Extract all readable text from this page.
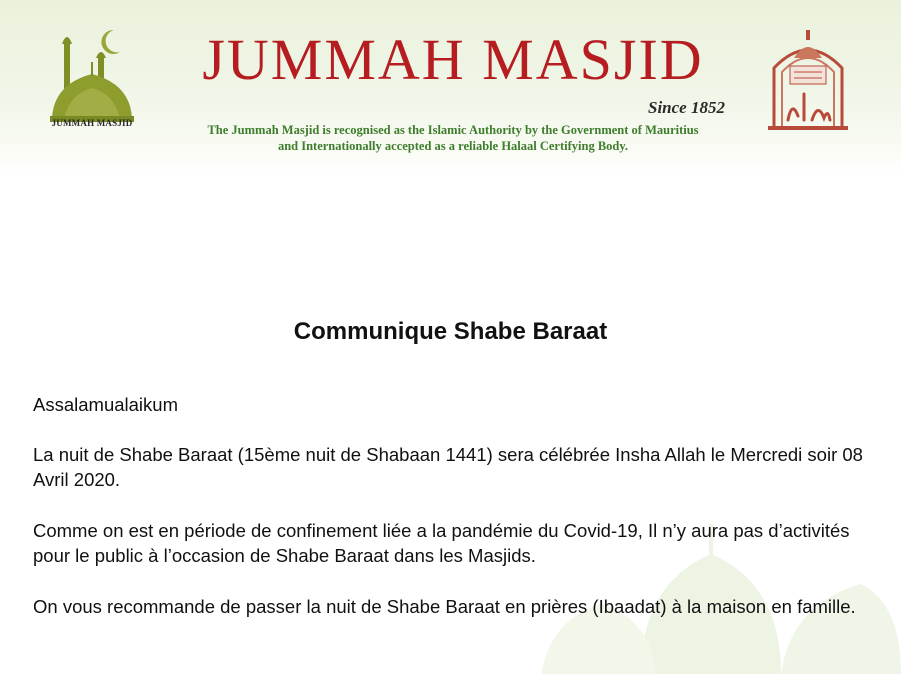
JUMMAH MASJID
JUMMAH MASJID
Since 1852
The Jummah Masjid is recognised as the Islamic Authority by the Government of Mauritius
and Internationally accepted as a reliable Halaal Certifying Body.
Communique Shabe Baraat

Assalamualaikum

La nuit de Shabe Baraat (15ème nuit de Shabaan 1441) sera célébrée Insha Allah le Mercredi soir 08 Avril 2020.

Comme on est en période de confinement liée a la pandémie du Covid-19, Il n’y aura pas d’activités pour le public à l’occasion de Shabe Baraat dans les Masjids.

On vous recommande de passer la nuit de Shabe Baraat en prières (Ibaadat) à la maison en famille.
